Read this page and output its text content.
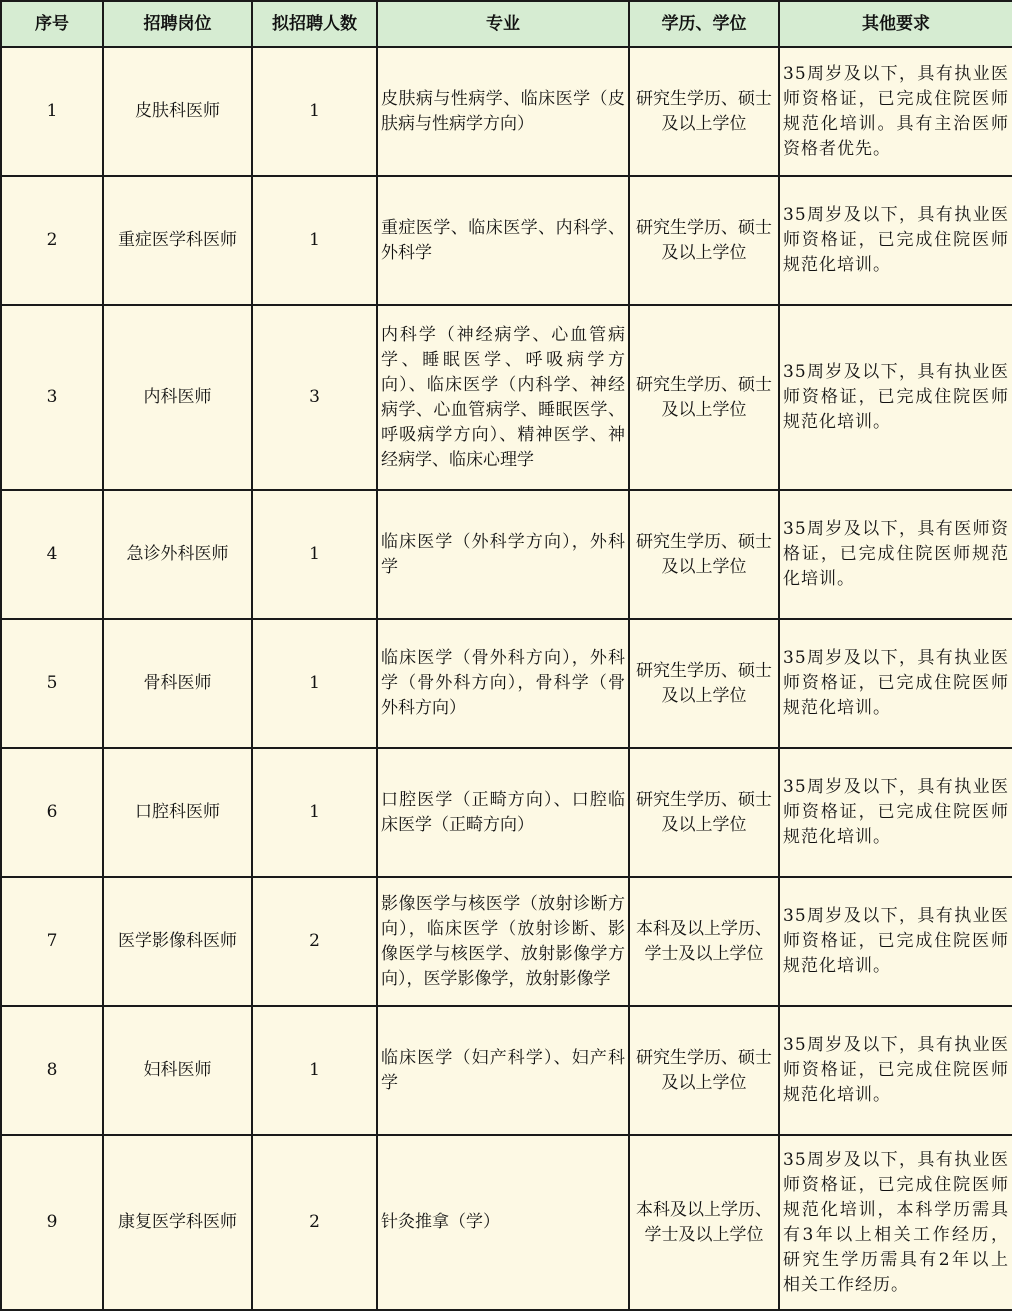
序号	招聘岗位	拟招聘人数	专业	学历、学位	其他要求
1	皮肤科医师	1	皮肤病与性病学、临床医学（皮肤病与性病学方向）	研究生学历、硕士及以上学位	35周岁及以下，具有执业医师资格证，已完成住院医师规范化培训。具有主治医师资格者优先。
2	重症医学科医师	1	重症医学、临床医学、内科学、外科学	研究生学历、硕士及以上学位	35周岁及以下，具有执业医师资格证，已完成住院医师规范化培训。
3	内科医师	3	内科学（神经病学、心血管病学、睡眠医学、呼吸病学方向）、临床医学（内科学、神经病学、心血管病学、睡眠医学、呼吸病学方向）、精神医学、神经病学、临床心理学	研究生学历、硕士及以上学位	35周岁及以下，具有执业医师资格证，已完成住院医师规范化培训。
4	急诊外科医师	1	临床医学（外科学方向），外科学	研究生学历、硕士及以上学位	35周岁及以下，具有医师资格证，已完成住院医师规范化培训。
5	骨科医师	1	临床医学（骨外科方向），外科学（骨外科方向），骨科学（骨外科方向）	研究生学历、硕士及以上学位	35周岁及以下，具有执业医师资格证，已完成住院医师规范化培训。
6	口腔科医师	1	口腔医学（正畸方向）、口腔临床医学（正畸方向）	研究生学历、硕士及以上学位	35周岁及以下，具有执业医师资格证，已完成住院医师规范化培训。
7	医学影像科医师	2	影像医学与核医学（放射诊断方向），临床医学（放射诊断、影像医学与核医学、放射影像学方向），医学影像学，放射影像学	本科及以上学历、学士及以上学位	35周岁及以下，具有执业医师资格证，已完成住院医师规范化培训。
8	妇科医师	1	临床医学（妇产科学）、妇产科学	研究生学历、硕士及以上学位	35周岁及以下，具有执业医师资格证，已完成住院医师规范化培训。
9	康复医学科医师	2	针灸推拿（学）	本科及以上学历、学士及以上学位	35周岁及以下，具有执业医师资格证，已完成住院医师规范化培训，本科学历需具有3年以上相关工作经历，研究生学历需具有2年以上相关工作经历。
